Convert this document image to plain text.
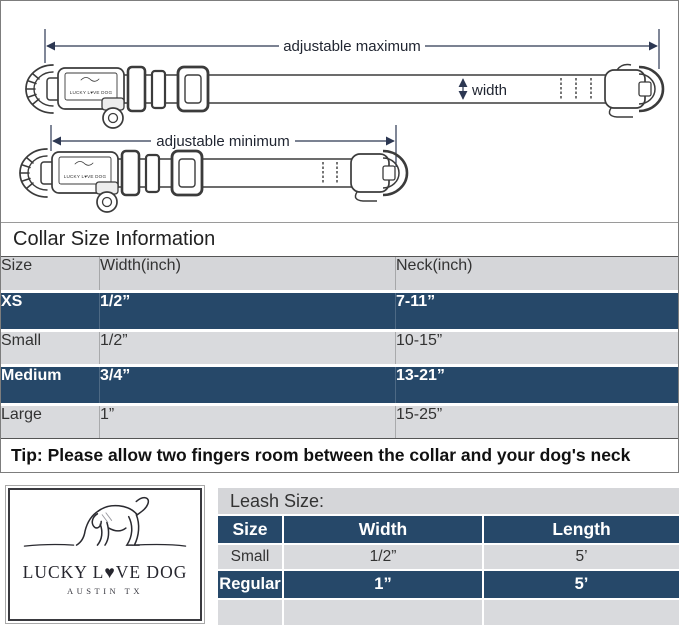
adjustable maximum
width
adjustable minimum
Collar Size Information
Size	Width(inch)	Neck(inch)
XS	1/2”	7-11”
Small	1/2”	10-15”
Medium	3/4”	13-21”
Large	1”	15-25”
Tip: Please allow two fingers room between the collar and your dog's neck
LUCKY L♥VE DOG
AUSTIN TX
Leash Size:
Size	Width	Length
Small	1/2”	5’
Regular	1”	5’
